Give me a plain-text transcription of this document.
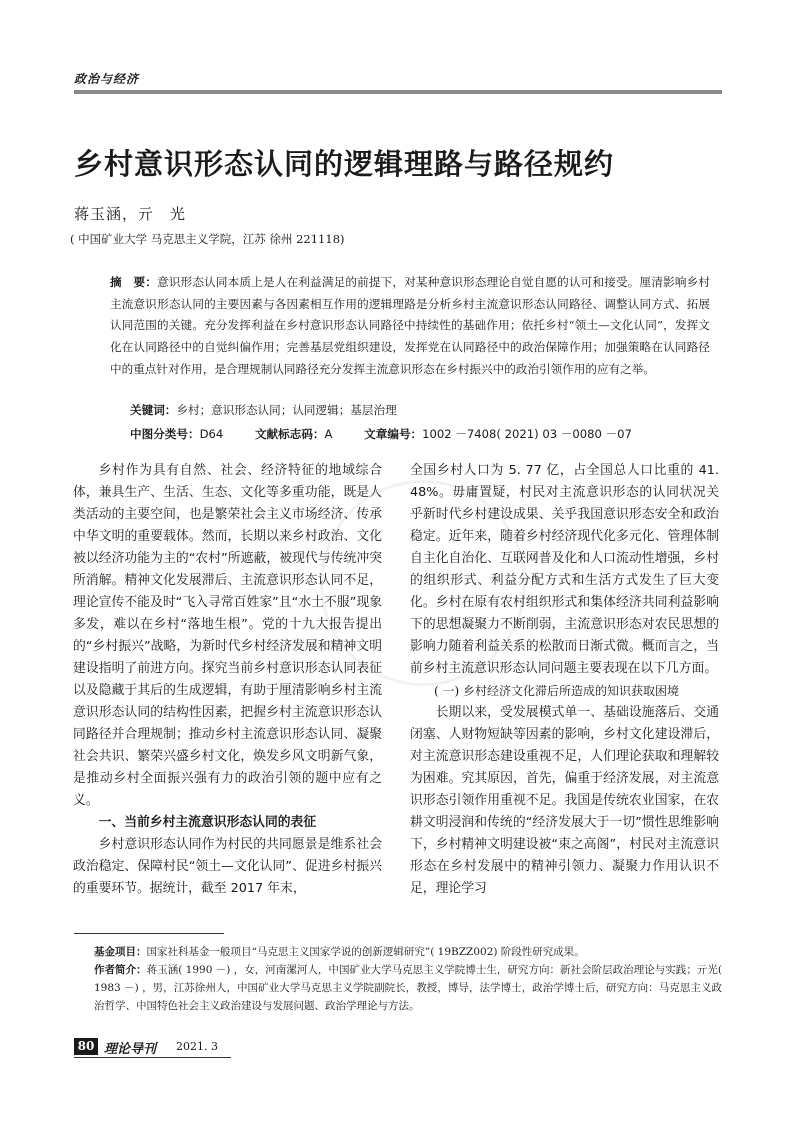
政治与经济
乡村意识形态认同的逻辑理路与路径规约
蒋玉涵，亓　光
( 中国矿业大学 马克思主义学院，江苏 徐州 221118)
摘　要：意识形态认同本质上是人在利益满足的前提下，对某种意识形态理论自觉自愿的认可和接受。厘清影响乡村主流意识形态认同的主要因素与各因素相互作用的逻辑理路是分析乡村主流意识形态认同路径、调整认同方式、拓展认同范围的关键。充分发挥利益在乡村意识形态认同路径中持续性的基础作用；依托乡村“领土—文化认同”，发挥文化在认同路径中的自觉纠偏作用；完善基层党组织建设，发挥党在认同路径中的政治保障作用；加强策略在认同路径中的重点针对作用，是合理规制认同路径充分发挥主流意识形态在乡村振兴中的政治引领作用的应有之举。
关键词：乡村；意识形态认同；认同逻辑；基层治理
中图分类号：D64	文献标志码：A	文章编号：1002 －7408( 2021) 03 －0080 －07

乡村作为具有自然、社会、经济特征的地域综合体，兼具生产、生活、生态、文化等多重功能，既是人类活动的主要空间，也是繁荣社会主义市场经济、传承中华文明的重要载体。然而，长期以来乡村政治、文化被以经济功能为主的“农村”所遮蔽，被现代与传统冲突所消解。精神文化发展滞后、主流意识形态认同不足，理论宣传不能及时“飞入寻常百姓家”且“水土不服”现象多发，难以在乡村“落地生根”。党的十九大报告提出的“乡村振兴”战略，为新时代乡村经济发展和精神文明建设指明了前进方向。探究当前乡村意识形态认同表征以及隐藏于其后的生成逻辑，有助于厘清影响乡村主流意识形态认同的结构性因素，把握乡村主流意识形态认同路径并合理规制；推动乡村主流意识形态认同、凝聚社会共识、繁荣兴盛乡村文化，焕发乡风文明新气象，是推动乡村全面振兴强有力的政治引领的题中应有之义。

一、当前乡村主流意识形态认同的表征

乡村意识形态认同作为村民的共同愿景是维系社会政治稳定、保障村民“领土—文化认同”、促进乡村振兴的重要环节。据统计，截至 2017 年末，

全国乡村人口为 5. 77 亿，占全国总人口比重的 41. 48%。毋庸置疑，村民对主流意识形态的认同状况关乎新时代乡村建设成果、关乎我国意识形态安全和政治稳定。近年来，随着乡村经济现代化多元化、管理体制自主化自治化、互联网普及化和人口流动性增强，乡村的组织形式、利益分配方式和生活方式发生了巨大变化。乡村在原有农村组织形式和集体经济共同利益影响下的思想凝聚力不断削弱，主流意识形态对农民思想的影响力随着利益关系的松散而日渐式微。概而言之，当前乡村主流意识形态认同问题主要表现在以下几方面。

( 一) 乡村经济文化滞后所造成的知识获取困境

长期以来，受发展模式单一、基础设施落后、交通闭塞、人财物短缺等因素的影响，乡村文化建设滞后，对主流意识形态建设重视不足，人们理论获取和理解较为困难。究其原因，首先，偏重于经济发展，对主流意识形态引领作用重视不足。我国是传统农业国家，在农耕文明浸润和传统的“经济发展大于一切”惯性思维影响下，乡村精神文明建设被“束之高阁”，村民对主流意识形态在乡村发展中的精神引领力、凝聚力作用认识不足，理论学习

基金项目：国家社科基金一般项目“马克思主义国家学说的创新逻辑研究”( 19BZZ002) 阶段性研究成果。

作者简介：蒋玉涵( 1990 －) ，女，河南漯河人，中国矿业大学马克思主义学院博士生，研究方向：新社会阶层政治理论与实践；亓光( 1983 －) ，男，江苏徐州人，中国矿业大学马克思主义学院副院长，教授，博导，法学博士，政治学博士后，研究方向：马克思主义政治哲学、中国特色社会主义政治建设与发展问题、政治学理论与方法。

80 理论导刊 2021. 3
